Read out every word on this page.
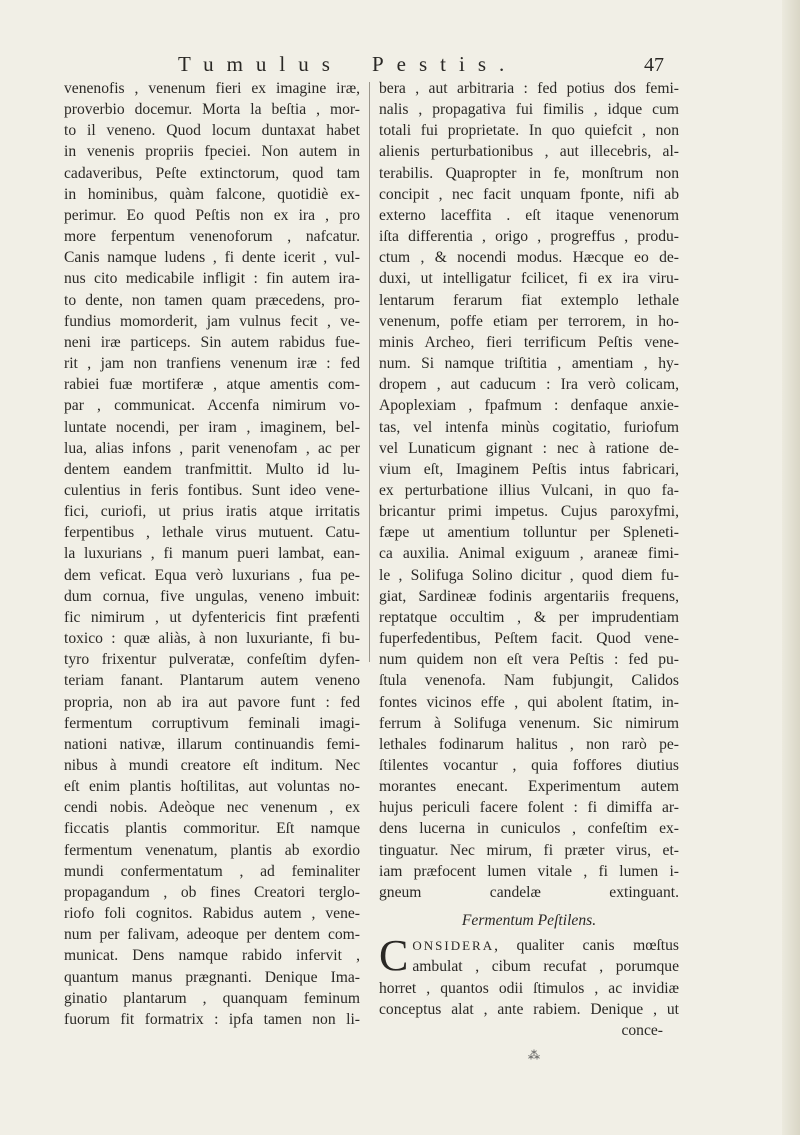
Tumulus Pestis.	47
venenofis , venenum fieri ex imagine iræ,
proverbio docemur. Morta la beſtia , mor-
to il veneno. Quod locum duntaxat habet
in venenis propriis fpeciei. Non autem in
cadaveribus, Peſte extinctorum, quod tam
in hominibus, quàm falcone, quotidiè ex-
perimur. Eo quod Peſtis non ex ira , pro
more ferpentum venenoforum , nafcatur.
Canis namque ludens , fi dente icerit , vul-
nus cito medicabile infligit : fin autem ira-
to dente, non tamen quam præcedens, pro-
fundius momorderit, jam vulnus fecit , ve-
neni iræ particeps. Sin autem rabidus fue-
rit , jam non tranfiens venenum iræ : fed
rabiei fuæ mortiferæ , atque amentis com-
par , communicat. Accenfa nimirum vo-
luntate nocendi, per iram , imaginem, bel-
lua, alias infons , parit venenofam , ac per
dentem eandem tranfmittit. Multo id lu-
culentius in feris fontibus. Sunt ideo vene-
fici, curiofi, ut prius iratis atque irritatis
ferpentibus , lethale virus mutuent. Catu-
la luxurians , fi manum pueri lambat, ean-
dem veficat. Equa verò luxurians , fua pe-
dum cornua, five ungulas, veneno imbuit:
fic nimirum , ut dyfentericis fint præfenti
toxico : quæ aliàs, à non luxuriante, fi bu-
tyro frixentur pulveratæ, confeſtim dyfen-
teriam fanant. Plantarum autem veneno
propria, non ab ira aut pavore funt : fed
fermentum corruptivum feminali imagi-
nationi nativæ, illarum continuandis femi-
nibus à mundi creatore eſt inditum. Nec
eſt enim plantis hoſtilitas, aut voluntas no-
cendi nobis. Adeòque nec venenum , ex
ficcatis plantis commoritur. Eſt namque
fermentum venenatum, plantis ab exordio
mundi confermentatum , ad feminaliter
propagandum , ob fines Creatori terglo-
riofo foli cognitos. Rabidus autem , vene-
num per falivam, adeoque per dentem com-
municat. Dens namque rabido infervit ,
quantum manus prægnanti. Denique Ima-
ginatio plantarum , quanquam feminum
fuorum fit formatrix : ipfa tamen non li-
bera , aut arbitraria : fed potius dos femi-
nalis , propagativa fui fimilis , idque cum
totali fui proprietate. In quo quiefcit , non
alienis perturbationibus , aut illecebris, al-
terabilis. Quapropter in fe, monſtrum non
concipit , nec facit unquam fponte, nifi ab
externo laceffita . eſt itaque venenorum
iſta differentia , origo , progreffus , produ-
ctum , & nocendi modus. Hæcque eo de-
duxi, ut intelligatur fcilicet, fi ex ira viru-
lentarum ferarum fiat extemplo lethale
venenum, poffe etiam per terrorem, in ho-
minis Archeo, fieri terrificum Peſtis vene-
num. Si namque triſtitia , amentiam , hy-
dropem , aut caducum : Ira verò colicam,
Apoplexiam , fpafmum : denfaque anxie-
tas, vel intenfa minùs cogitatio, furiofum
vel Lunaticum gignant : nec à ratione de-
vium eſt, Imaginem Peſtis intus fabricari,
ex perturbatione illius Vulcani, in quo fa-
bricantur primi impetus. Cujus paroxyfmi,
fæpe ut amentium tolluntur per Spleneti-
ca auxilia. Animal exiguum , araneæ fimi-
le , Solifuga Solino dicitur , quod diem fu-
giat, Sardineæ fodinis argentariis frequens,
reptatque occultim , & per imprudentiam
fuperfedentibus, Peſtem facit. Quod vene-
num quidem non eſt vera Peſtis : fed pu-
ſtula venenofa. Nam fubjungit, Calidos
fontes vicinos effe , qui abolent ſtatim, in-
ferrum à Solifuga venenum. Sic nimirum
lethales fodinarum halitus , non rarò pe-
ſtilentes vocantur , quia foffores diutius
morantes enecant. Experimentum autem
hujus periculi facere folent : fi dimiffa ar-
dens lucerna in cuniculos , confeſtim ex-
tinguatur. Nec mirum, fi præter virus, et-
iam præfocent lumen vitale , fi lumen i-
gneum candelæ extinguant.
Fermentum Peſtilens.
C ONSIDERA, qualiter canis mœſtus
ambulat , cibum recufat , porumque
horret , quantos odii ſtimulos , ac invidiæ
conceptus alat , ante rabiem. Denique , ut
conce-
⁂
